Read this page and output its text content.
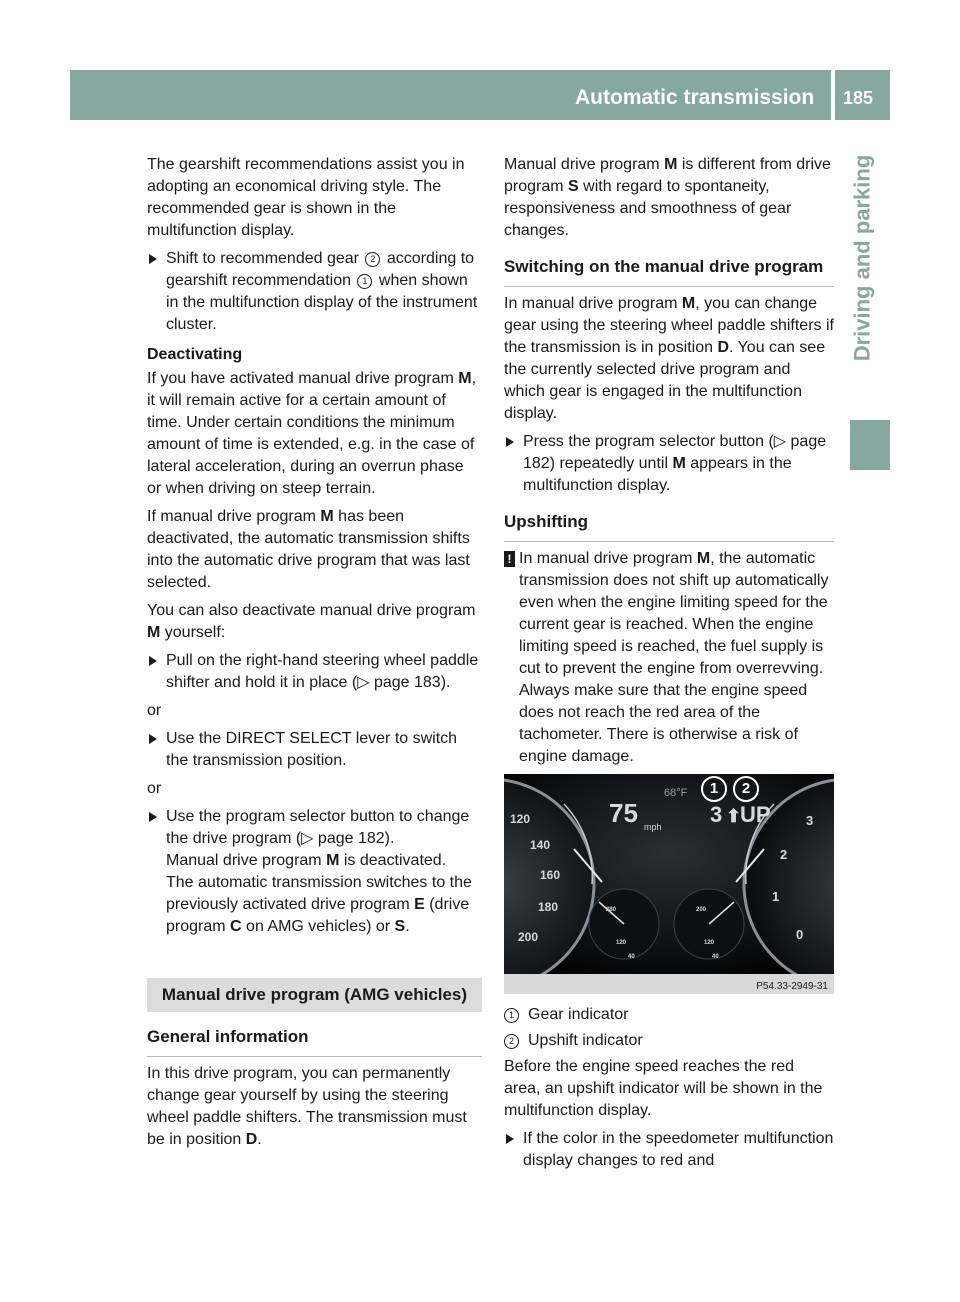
Automatic transmission	185
Driving and parking

The gearshift recommendations assist you in adopting an economical driving style. The recommended gear is shown in the multifunction display.

Shift to recommended gear 2 according to gearshift recommendation 1 when shown in the multifunction display of the instrument cluster.
Deactivating

If you have activated manual drive program M, it will remain active for a certain amount of time. Under certain conditions the minimum amount of time is extended, e.g. in the case of lateral acceleration, during an overrun phase or when driving on steep terrain.

If manual drive program M has been deactivated, the automatic transmission shifts into the automatic drive program that was last selected.

You can also deactivate manual drive program M yourself:

Pull on the right-hand steering wheel paddle shifter and hold it in place (▷ page 183).

or

Use the DIRECT SELECT lever to switch the transmission position.

or

Use the program selector button to change the drive program (▷ page 182).
Manual drive program M is deactivated.
The automatic transmission switches to the previously activated drive program E (drive program C on AMG vehicles) or S.
Manual drive program (AMG vehicles)
General information

In this drive program, you can permanently change gear yourself by using the steering wheel paddle shifters. The transmission must be in position D.

Manual drive program M is different from drive program S with regard to spontaneity, responsiveness and smoothness of gear changes.

Switching on the manual drive program

In manual drive program M, you can change gear using the steering wheel paddle shifters if the transmission is in position D. You can see the currently selected drive program and which gear is engaged in the multifunction display.

Press the program selector button (▷ page 182) repeatedly until M appears in the multifunction display.
Upshifting
! In manual drive program M, the automatic transmission does not shift up automatically even when the engine limiting speed for the current gear is reached. When the engine limiting speed is reached, the fuel supply is cut to prevent the engine from overrevving. Always make sure that the engine speed does not reach the red area of the tachometer. There is otherwise a risk of engine damage.
68°F
75 mph 3 ⬆
UP
1	2
120
140
160
180
200
3
2
1
0
280
120
200
40
120
40
P54.33-2949-31
1 Gear indicator
2 Upshift indicator

Before the engine speed reaches the red area, an upshift indicator will be shown in the multifunction display.

If the color in the speedometer multifunction display changes to red and
